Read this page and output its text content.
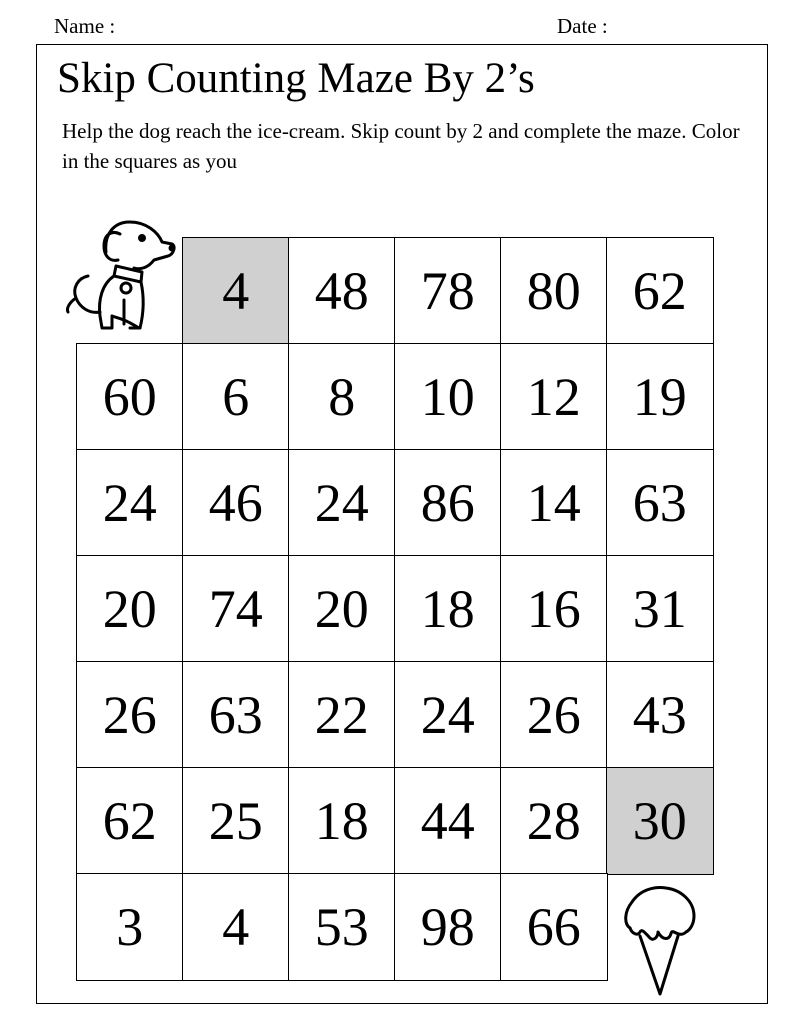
Name :	Date :
Skip Counting Maze By 2’s
Help the dog reach the ice-cream. Skip count by 2 and complete the maze. Color in the squares as you
4	48 78 80 62
60	6	8	10 12 19
24 46 24 86 14 63
20 74 20 18 16 31
26 63 22 24 26 43
62 25 18 44 28 30
3	4	53 98 66
